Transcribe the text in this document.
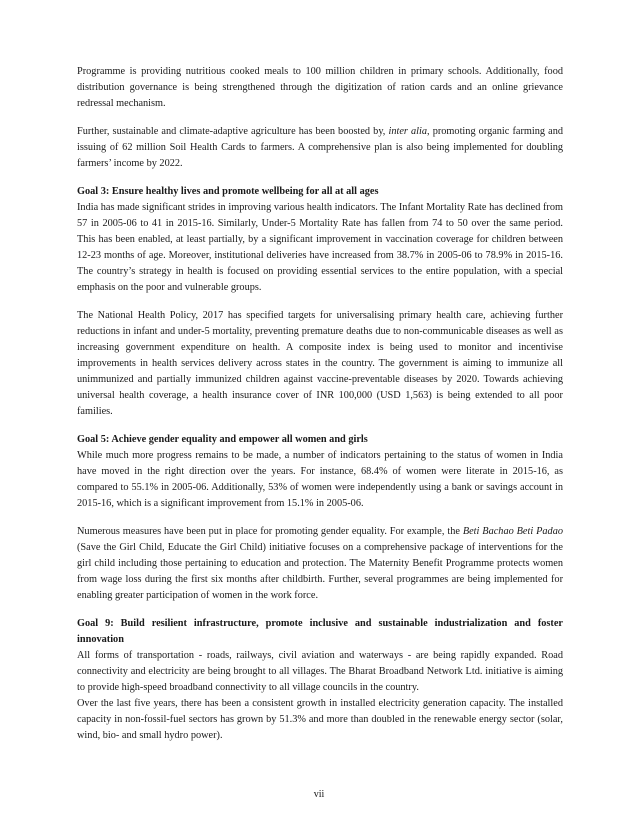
Programme is providing nutritious cooked meals to 100 million children in primary schools. Additionally, food distribution governance is being strengthened through the digitization of ration cards and an online grievance redressal mechanism.

Further, sustainable and climate-adaptive agriculture has been boosted by, inter alia, promoting organic farming and issuing of 62 million Soil Health Cards to farmers. A comprehensive plan is also being implemented for doubling farmers’ income by 2022.

Goal 3: Ensure healthy lives and promote wellbeing for all at all ages

India has made significant strides in improving various health indicators. The Infant Mortality Rate has declined from 57 in 2005-06 to 41 in 2015-16. Similarly, Under-5 Mortality Rate has fallen from 74 to 50 over the same period. This has been enabled, at least partially, by a significant improvement in vaccination coverage for children between 12-23 months of age. Moreover, institutional deliveries have increased from 38.7% in 2005-06 to 78.9% in 2015-16. The country’s strategy in health is focused on providing essential services to the entire population, with a special emphasis on the poor and vulnerable groups.

The National Health Policy, 2017 has specified targets for universalising primary health care, achieving further reductions in infant and under-5 mortality, preventing premature deaths due to non-communicable diseases as well as increasing government expenditure on health. A composite index is being used to monitor and incentivise improvements in health services delivery across states in the country. The government is aiming to immunize all unimmunized and partially immunized children against vaccine-preventable diseases by 2020. Towards achieving universal health coverage, a health insurance cover of INR 100,000 (USD 1,563) is being extended to all poor families.

Goal 5: Achieve gender equality and empower all women and girls

While much more progress remains to be made, a number of indicators pertaining to the status of women in India have moved in the right direction over the years. For instance, 68.4% of women were literate in 2015-16, as compared to 55.1% in 2005-06. Additionally, 53% of women were independently using a bank or savings account in 2015-16, which is a significant improvement from 15.1% in 2005-06.

Numerous measures have been put in place for promoting gender equality. For example, the Beti Bachao Beti Padao (Save the Girl Child, Educate the Girl Child) initiative focuses on a comprehensive package of interventions for the girl child including those pertaining to education and protection. The Maternity Benefit Programme protects women from wage loss during the first six months after childbirth. Further, several programmes are being implemented for enabling greater participation of women in the work force.

Goal 9: Build resilient infrastructure, promote inclusive and sustainable industrialization and foster innovation

All forms of transportation - roads, railways, civil aviation and waterways - are being rapidly expanded. Road connectivity and electricity are being brought to all villages. The Bharat Broadband Network Ltd. initiative is aiming to provide high-speed broadband connectivity to all village councils in the country.

Over the last five years, there has been a consistent growth in installed electricity generation capacity. The installed capacity in non-fossil-fuel sectors has grown by 51.3% and more than doubled in the renewable energy sector (solar, wind, bio- and small hydro power).

vii
